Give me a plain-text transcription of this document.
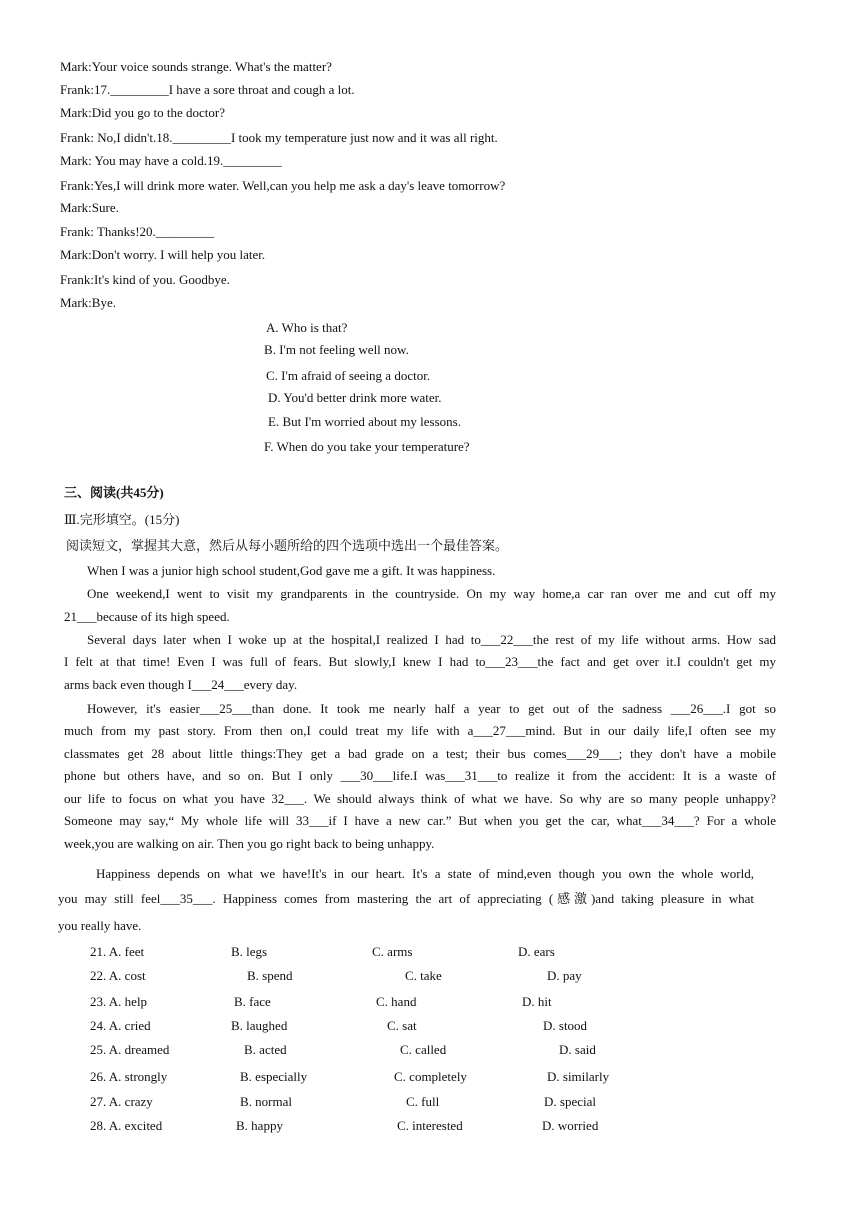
Mark:Your voice sounds strange. What's the matter?
Frank:17._________I have a sore throat and cough a lot.
Mark:Did you go to the doctor?
Frank: No,I didn't.18._________I took my temperature just now and it was all right.
Mark: You may have a cold.19._________
Frank:Yes,I will drink more water. Well,can you help me ask a day's leave tomorrow?
Mark:Sure.
Frank: Thanks!20._________
Mark:Don't worry. I will help you later.
Frank:It's kind of you. Goodbye.
Mark:Bye.
A. Who is that?
B. I'm not feeling well now.
C. I'm afraid of seeing a doctor.
D. You'd better drink more water.
E. But I'm worried about my lessons.
F. When do you take your temperature?
三、阅读(共45分)
Ⅲ.完形填空。(15分)
阅读短文，掌握其大意，然后从每小题所给的四个选项中选出一个最佳答案。
When I was a junior high school student,God gave me a gift. It was happiness.
One weekend,I went to visit my grandparents in the countryside. On my way home,a car ran over me and cut off my
21___because of its high speed.
Several days later when I woke up at the hospital,I realized I had to___22___the rest of my life without arms. How sad
I felt at that time! Even I was full of fears. But slowly,I knew I had to___23___the fact and get over it.I couldn't get my
arms back even though I___24___every day.
However, it's easier___25___than done. It took me nearly half a year to get out of the sadness ___26___.I got so
much from my past story. From then on,I could treat my life with a___27___mind. But in our daily life,I often see my
classmates get 28 about little things:They get a bad grade on a test; their bus comes___29___; they don't have a mobile
phone but others have, and so on. But I only ___30___life.I was___31___to realize it from the accident: It is a waste of
our life to focus on what you have 32___. We should always think of what we have. So why are so many people unhappy?
Someone may say,“ My whole life will 33___if I have a new car.” But when you get the car, what___34___? For a whole
week,you are walking on air. Then you go right back to being unhappy.
Happiness depends on what we have!It's in our heart. It's a state of mind,even though you own the whole world,
you may still feel___35___. Happiness comes from mastering the art of appreciating (感激)and taking pleasure in what
you really have.
21. A. feet	B. legs	C. arms	D. ears
22. A. cost	B. spend	C. take	D. pay
23. A. help	B. face	C. hand	D. hit
24. A. cried	B. laughed	C. sat	D. stood
25. A. dreamed	B. acted	C. called	D. said
26. A. strongly	B. especially	C. completely	D. similarly
27. A. crazy	B. normal	C. full	D. special
28. A. excited	B. happy	C. interested	D. worried
